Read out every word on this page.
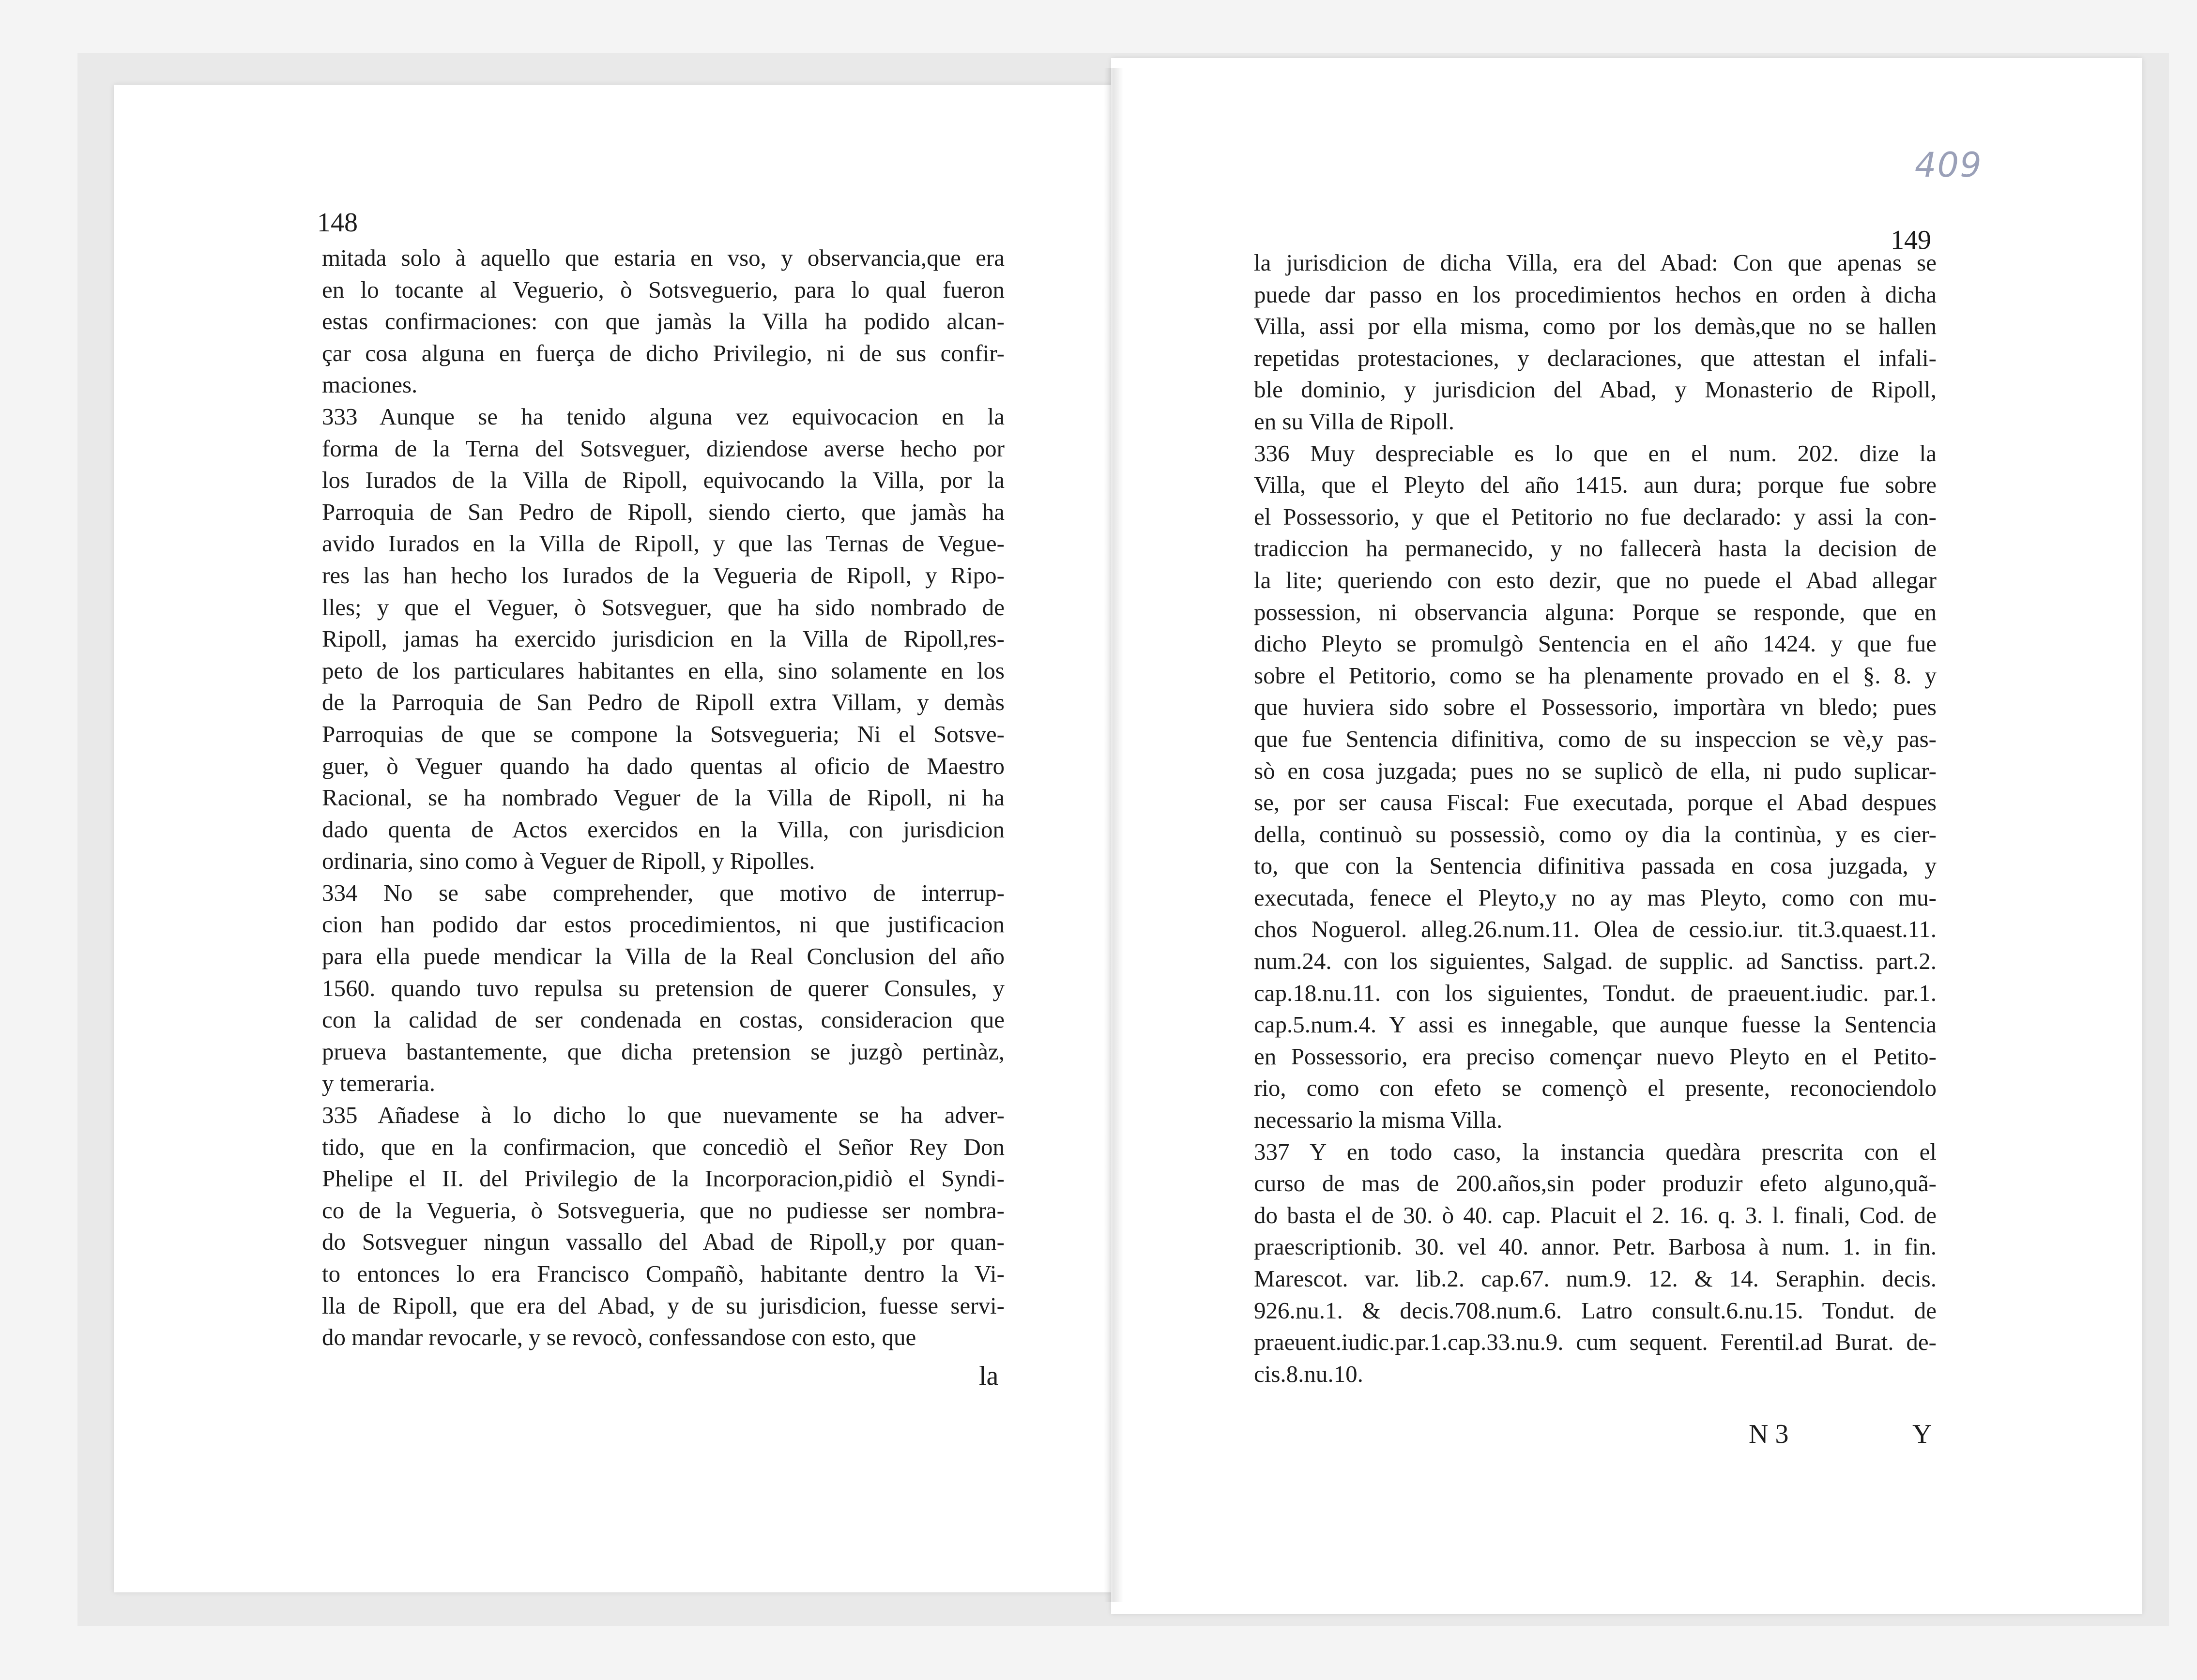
148
149
409
mitada solo à aquello que estaria en vso, y observancia,que era
en lo tocante al Veguerio, ò Sotsveguerio, para lo qual fueron
estas confirmaciones: con que jamàs la Villa ha podido alcan-
çar cosa alguna en fuerça de dicho Privilegio, ni de sus confir-
maciones.
333 Aunque se ha tenido alguna vez equivocacion en la
forma de la Terna del Sotsveguer, diziendose averse hecho por
los Iurados de la Villa de Ripoll, equivocando la Villa, por la
Parroquia de San Pedro de Ripoll, siendo cierto, que jamàs ha
avido Iurados en la Villa de Ripoll, y que las Ternas de Vegue-
res las han hecho los Iurados de la Vegueria de Ripoll, y Ripo-
lles; y que el Veguer, ò Sotsveguer, que ha sido nombrado de
Ripoll, jamas ha exercido jurisdicion en la Villa de Ripoll,res-
peto de los particulares habitantes en ella, sino solamente en los
de la Parroquia de San Pedro de Ripoll extra Villam, y demàs
Parroquias de que se compone la Sotsvegueria; Ni el Sotsve-
guer, ò Veguer quando ha dado quentas al oficio de Maestro
Racional, se ha nombrado Veguer de la Villa de Ripoll, ni ha
dado quenta de Actos exercidos en la Villa, con jurisdicion
ordinaria, sino como à Veguer de Ripoll, y Ripolles.
334 No se sabe comprehender, que motivo de interrup-
cion han podido dar estos procedimientos, ni que justificacion
para ella puede mendicar la Villa de la Real Conclusion del año
1560. quando tuvo repulsa su pretension de querer Consules, y
con la calidad de ser condenada en costas, consideracion que
prueva bastantemente, que dicha pretension se juzgò pertinàz,
y temeraria.
335 Añadese à lo dicho lo que nuevamente se ha adver-
tido, que en la confirmacion, que concediò el Señor Rey Don
Phelipe el II. del Privilegio de la Incorporacion,pidiò el Syndi-
co de la Vegueria, ò Sotsvegueria, que no pudiesse ser nombra-
do Sotsveguer ningun vassallo del Abad de Ripoll,y por quan-
to entonces lo era Francisco Compañò, habitante dentro la Vi-
lla de Ripoll, que era del Abad, y de su jurisdicion, fuesse servi-
do mandar revocarle, y se revocò, confessandose con esto, que
la jurisdicion de dicha Villa, era del Abad: Con que apenas se
puede dar passo en los procedimientos hechos en orden à dicha
Villa, assi por ella misma, como por los demàs,que no se hallen
repetidas protestaciones, y declaraciones, que attestan el infali-
ble dominio, y jurisdicion del Abad, y Monasterio de Ripoll,
en su Villa de Ripoll.
336 Muy despreciable es lo que en el num. 202. dize la
Villa, que el Pleyto del año 1415. aun dura; porque fue sobre
el Possessorio, y que el Petitorio no fue declarado: y assi la con-
tradiccion ha permanecido, y no fallecerà hasta la decision de
la lite; queriendo con esto dezir, que no puede el Abad allegar
possession, ni observancia alguna: Porque se responde, que en
dicho Pleyto se promulgò Sentencia en el año 1424. y que fue
sobre el Petitorio, como se ha plenamente provado en el §. 8. y
que huviera sido sobre el Possessorio, importàra vn bledo; pues
que fue Sentencia difinitiva, como de su inspeccion se vè,y pas-
sò en cosa juzgada; pues no se suplicò de ella, ni pudo suplicar-
se, por ser causa Fiscal: Fue executada, porque el Abad despues
della, continuò su possessiò, como oy dia la continùa, y es cier-
to, que con la Sentencia difinitiva passada en cosa juzgada, y
executada, fenece el Pleyto,y no ay mas Pleyto, como con mu-
chos Noguerol. alleg.26.num.11. Olea de cessio.iur. tit.3.quaest.11.
num.24. con los siguientes, Salgad. de supplic. ad Sanctiss. part.2.
cap.18.nu.11. con los siguientes, Tondut. de praeuent.iudic. par.1.
cap.5.num.4. Y assi es innegable, que aunque fuesse la Sentencia
en Possessorio, era preciso començar nuevo Pleyto en el Petito-
rio, como con efeto se començò el presente, reconociendolo
necessario la misma Villa.
337 Y en todo caso, la instancia quedàra prescrita con el
curso de mas de 200.años,sin poder produzir efeto alguno,quã-
do basta el de 30. ò 40. cap. Placuit el 2. 16. q. 3. l. finali, Cod. de
praescriptionib. 30. vel 40. annor. Petr. Barbosa à num. 1. in fin.
Marescot. var. lib.2. cap.67. num.9. 12. & 14. Seraphin. decis.
926.nu.1. & decis.708.num.6. Latro consult.6.nu.15. Tondut. de
praeuent.iudic.par.1.cap.33.nu.9. cum sequent. Ferentil.ad Burat. de-
cis.8.nu.10.
la
N 3	Y
